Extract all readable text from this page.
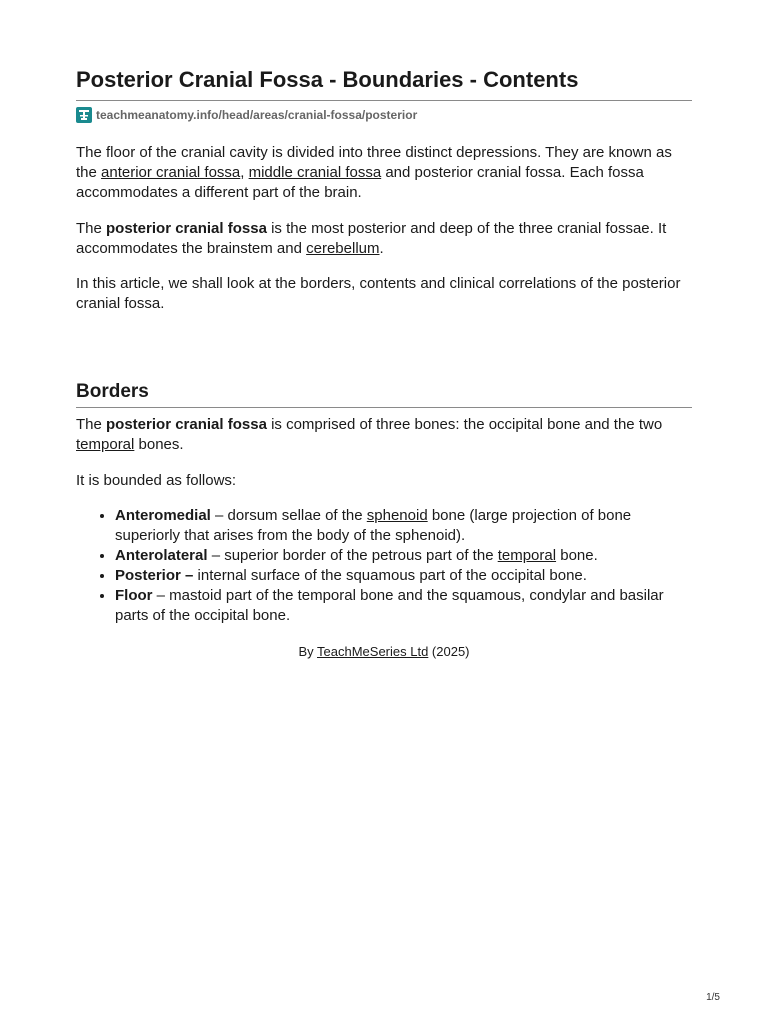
Posterior Cranial Fossa - Boundaries - Contents
teachmeanatomy.info/head/areas/cranial-fossa/posterior

The floor of the cranial cavity is divided into three distinct depressions. They are known as the anterior cranial fossa, middle cranial fossa and posterior cranial fossa. Each fossa accommodates a different part of the brain.

The posterior cranial fossa is the most posterior and deep of the three cranial fossae. It accommodates the brainstem and cerebellum.

In this article, we shall look at the borders, contents and clinical correlations of the posterior cranial fossa.

Borders

The posterior cranial fossa is comprised of three bones: the occipital bone and the two temporal bones.

It is bounded as follows:

• Anteromedial – dorsum sellae of the sphenoid bone (large projection of bone superiorly that arises from the body of the sphenoid).
• Anterolateral – superior border of the petrous part of the temporal bone.
• Posterior – internal surface of the squamous part of the occipital bone.
• Floor – mastoid part of the temporal bone and the squamous, condylar and basilar parts of the occipital bone.
By TeachMeSeries Ltd (2025)
1/5
